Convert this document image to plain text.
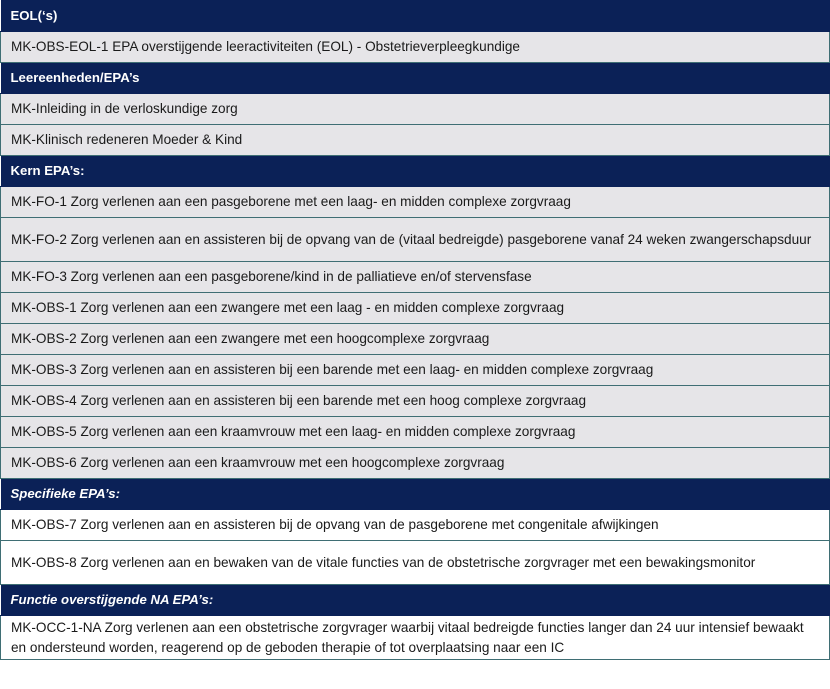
EOL(‘s)
MK-OBS-EOL-1 EPA overstijgende leeractiviteiten (EOL) - Obstetrieverpleegkundige
Leereenheden/EPA’s
MK-Inleiding in de verloskundige zorg
MK-Klinisch redeneren Moeder & Kind
Kern EPA’s:
MK-FO-1 Zorg verlenen aan een pasgeborene met een laag- en midden complexe zorgvraag
MK-FO-2 Zorg verlenen aan en assisteren bij de opvang van de (vitaal bedreigde) pasgeborene vanaf 24 weken zwangerschapsduur
MK-FO-3 Zorg verlenen aan een pasgeborene/kind in de palliatieve en/of stervensfase
MK-OBS-1 Zorg verlenen aan een zwangere met een laag - en midden complexe zorgvraag
MK-OBS-2 Zorg verlenen aan een zwangere met een hoogcomplexe zorgvraag
MK-OBS-3 Zorg verlenen aan en assisteren bij een barende met een laag- en midden complexe zorgvraag
MK-OBS-4 Zorg verlenen aan en assisteren bij een barende met een hoog complexe zorgvraag
MK-OBS-5 Zorg verlenen aan een kraamvrouw met een laag- en midden complexe zorgvraag
MK-OBS-6 Zorg verlenen aan een kraamvrouw met een hoogcomplexe zorgvraag
Specifieke EPA’s:
MK-OBS-7 Zorg verlenen aan en assisteren bij de opvang van de pasgeborene met congenitale afwijkingen
MK-OBS-8 Zorg verlenen aan en bewaken van de vitale functies van de obstetrische zorgvrager met een bewakingsmonitor
Functie overstijgende NA EPA’s:
MK-OCC-1-NA Zorg verlenen aan een obstetrische zorgvrager waarbij vitaal bedreigde functies langer dan 24 uur intensief bewaakt en ondersteund worden, reagerend op de geboden therapie of tot overplaatsing naar een IC
